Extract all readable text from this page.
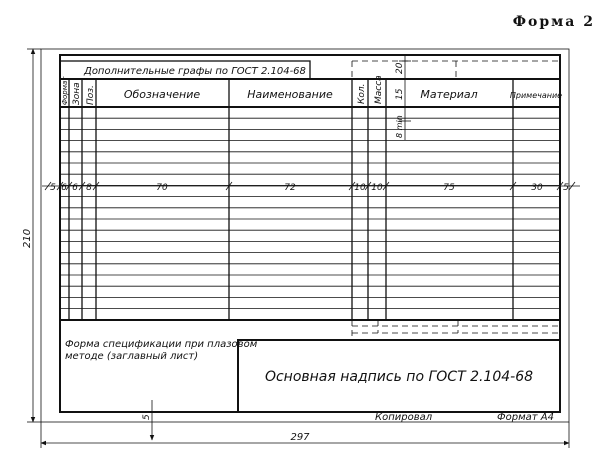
Форма 2
Дополнительные графы по ГОСТ 2.104-68
Формат Зона Поз.	Обозначение	Наименование	Кол. Масса	Материал	Примечание
20
15
8 min
5 6 6 8	70	72	10 10	75	30 5
Основная надпись по ГОСТ 2.104-68
Форма спецификации при плазовом методе (заглавный лист)
5
210
297
Копировал	Формат А4
